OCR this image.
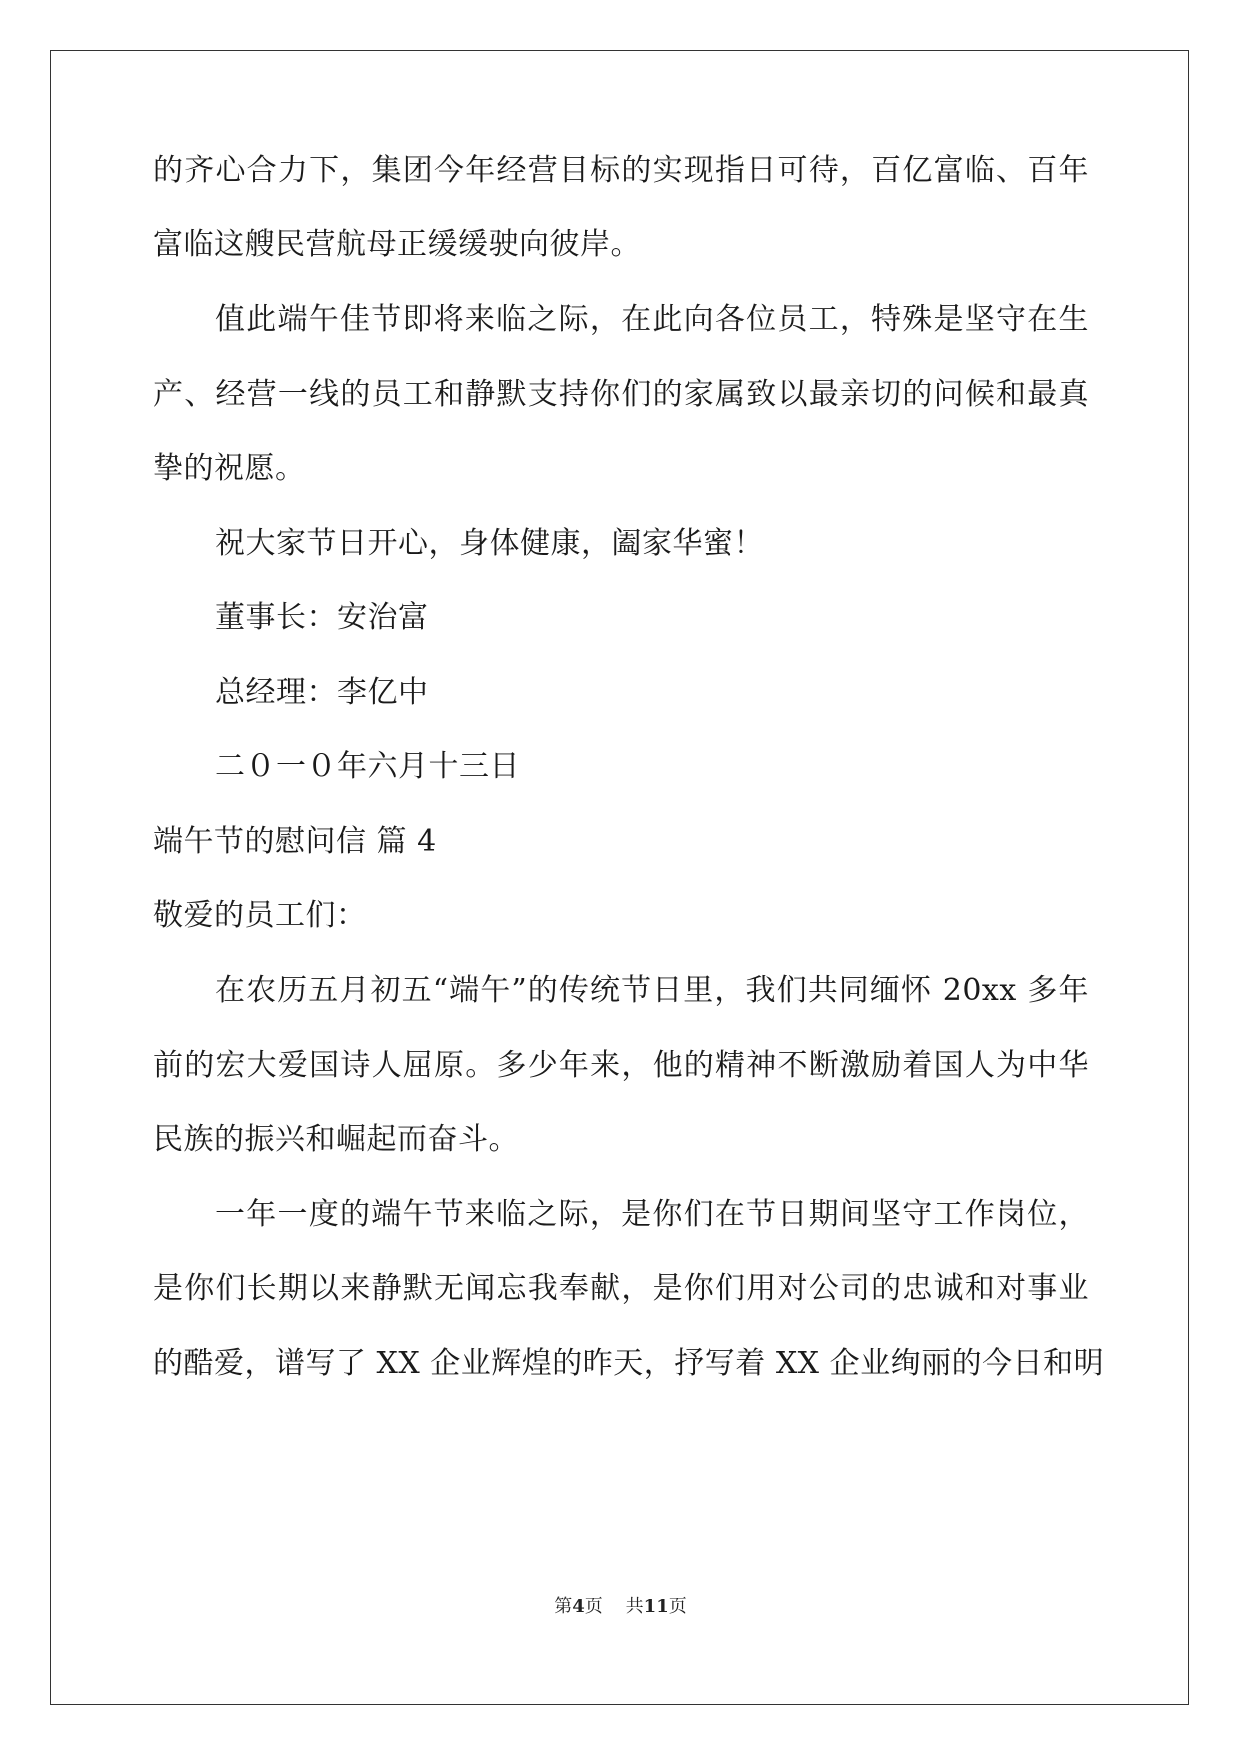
的齐心合力下，集团今年经营目标的实现指日可待，百亿富临、百年
富临这艘民营航母正缓缓驶向彼岸。
值此端午佳节即将来临之际，在此向各位员工，特殊是坚守在生
产、经营一线的员工和静默支持你们的家属致以最亲切的问候和最真
挚的祝愿。
祝大家节日开心，身体健康，阖家华蜜！
董事长：安治富
总经理：李亿中
二０一０年六月十三日
端午节的慰问信 篇 4
敬爱的员工们：
在农历五月初五“端午”的传统节日里，我们共同缅怀 20xx 多年
前的宏大爱国诗人屈原。多少年来，他的精神不断激励着国人为中华
民族的振兴和崛起而奋斗。
一年一度的端午节来临之际，是你们在节日期间坚守工作岗位，
是你们长期以来静默无闻忘我奉献，是你们用对公司的忠诚和对事业
的酷爱，谱写了 XX 企业辉煌的昨天，抒写着 XX 企业绚丽的今日和明
第4页 共11页
